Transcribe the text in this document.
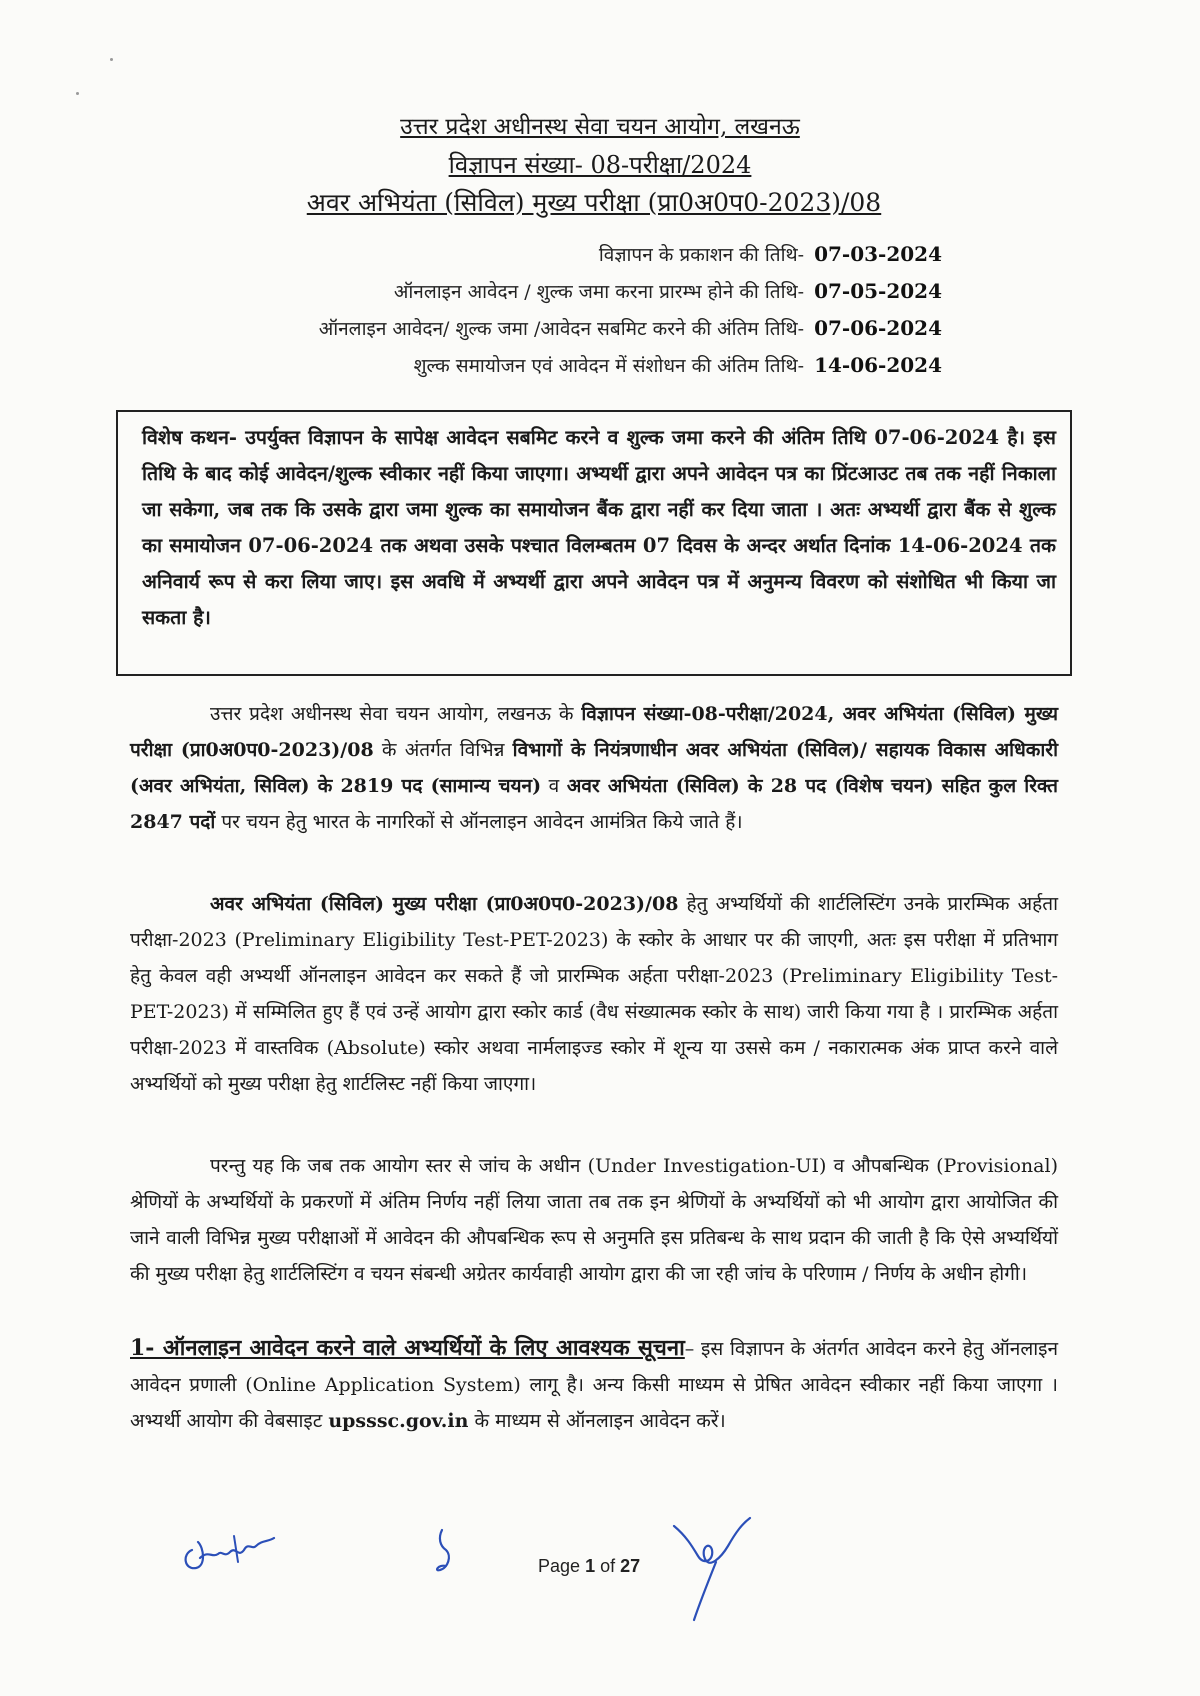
उत्तर प्रदेश अधीनस्थ सेवा चयन आयोग, लखनऊ
विज्ञापन संख्या- 08-परीक्षा/2024
अवर अभियंता (सिविल) मुख्य परीक्षा (प्रा0अ0प0-2023)/08
विज्ञापन के प्रकाशन की तिथि- 07-03-2024
ऑनलाइन आवेदन / शुल्क जमा करना प्रारम्भ होने की तिथि- 07-05-2024
ऑनलाइन आवेदन/ शुल्क जमा /आवेदन सबमिट करने की अंतिम तिथि- 07-06-2024
शुल्क समायोजन एवं आवेदन में संशोधन की अंतिम तिथि- 14-06-2024
विशेष कथन- उपर्युक्त विज्ञापन के सापेक्ष आवेदन सबमिट करने व शुल्क जमा करने की अंतिम तिथि 07-06-2024 है। इस तिथि के बाद कोई आवेदन/शुल्क स्वीकार नहीं किया जाएगा। अभ्यर्थी द्वारा अपने आवेदन पत्र का प्रिंटआउट तब तक नहीं निकाला जा सकेगा, जब तक कि उसके द्वारा जमा शुल्क का समायोजन बैंक द्वारा नहीं कर दिया जाता । अतः अभ्यर्थी द्वारा बैंक से शुल्क का समायोजन 07-06-2024 तक अथवा उसके पश्चात विलम्बतम 07 दिवस के अन्दर अर्थात दिनांक 14-06-2024 तक अनिवार्य रूप से करा लिया जाए। इस अवधि में अभ्यर्थी द्वारा अपने आवेदन पत्र में अनुमन्य विवरण को संशोधित भी किया जा सकता है।
उत्तर प्रदेश अधीनस्थ सेवा चयन आयोग, लखनऊ के विज्ञापन संख्या-08-परीक्षा/2024, अवर अभियंता (सिविल) मुख्य परीक्षा (प्रा0अ0प0-2023)/08 के अंतर्गत विभिन्न विभागों के नियंत्रणाधीन अवर अभियंता (सिविल)/ सहायक विकास अधिकारी (अवर अभियंता, सिविल) के 2819 पद (सामान्य चयन) व अवर अभियंता (सिविल) के 28 पद (विशेष चयन) सहित कुल रिक्त 2847 पदों पर चयन हेतु भारत के नागरिकों से ऑनलाइन आवेदन आमंत्रित किये जाते हैं।
अवर अभियंता (सिविल) मुख्य परीक्षा (प्रा0अ0प0-2023)/08 हेतु अभ्यर्थियों की शार्टलिस्टिंग उनके प्रारम्भिक अर्हता परीक्षा-2023 (Preliminary Eligibility Test-PET-2023) के स्कोर के आधार पर की जाएगी, अतः इस परीक्षा में प्रतिभाग हेतु केवल वही अभ्यर्थी ऑनलाइन आवेदन कर सकते हैं जो प्रारम्भिक अर्हता परीक्षा-2023 (Preliminary Eligibility Test- PET-2023) में सम्मिलित हुए हैं एवं उन्हें आयोग द्वारा स्कोर कार्ड (वैध संख्यात्मक स्कोर के साथ) जारी किया गया है । प्रारम्भिक अर्हता परीक्षा-2023 में वास्तविक (Absolute) स्कोर अथवा नार्मलाइज्ड स्कोर में शून्य या उससे कम / नकारात्मक अंक प्राप्त करने वाले अभ्यर्थियों को मुख्य परीक्षा हेतु शार्टलिस्ट नहीं किया जाएगा।
परन्तु यह कि जब तक आयोग स्तर से जांच के अधीन (Under Investigation-UI) व औपबन्धिक (Provisional) श्रेणियों के अभ्यर्थियों के प्रकरणों में अंतिम निर्णय नहीं लिया जाता तब तक इन श्रेणियों के अभ्यर्थियों को भी आयोग द्वारा आयोजित की जाने वाली विभिन्न मुख्य परीक्षाओं में आवेदन की औपबन्धिक रूप से अनुमति इस प्रतिबन्ध के साथ प्रदान की जाती है कि ऐसे अभ्यर्थियों की मुख्य परीक्षा हेतु शार्टलिस्टिंग व चयन संबन्धी अग्रेतर कार्यवाही आयोग द्वारा की जा रही जांच के परिणाम / निर्णय के अधीन होगी।
1- ऑनलाइन आवेदन करने वाले अभ्यर्थियों के लिए आवश्यक सूचना– इस विज्ञापन के अंतर्गत आवेदन करने हेतु ऑनलाइन आवेदन प्रणाली (Online Application System) लागू है। अन्य किसी माध्यम से प्रेषित आवेदन स्वीकार नहीं किया जाएगा । अभ्यर्थी आयोग की वेबसाइट upsssc.gov.in के माध्यम से ऑनलाइन आवेदन करें।
Page 1 of 27
